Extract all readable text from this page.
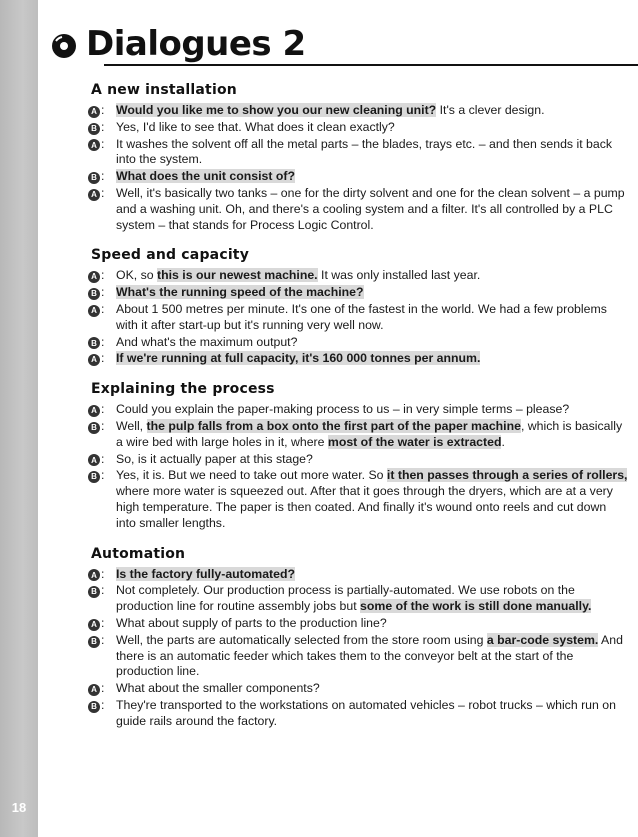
18
Dialogues 2
A new installation
A : Would you like me to show you our new cleaning unit? It's a clever design.
B : Yes, I'd like to see that. What does it clean exactly?
A : It washes the solvent off all the metal parts – the blades, trays etc. – and then sends it back into the system.
B : What does the unit consist of?
A : Well, it's basically two tanks – one for the dirty solvent and one for the clean solvent – a pump and a washing unit. Oh, and there's a cooling system and a filter. It's all controlled by a PLC system – that stands for Process Logic Control.
Speed and capacity
A : OK, so this is our newest machine. It was only installed last year.
B : What's the running speed of the machine?
A : About 1 500 metres per minute. It's one of the fastest in the world. We had a few problems with it after start-up but it's running very well now.
B : And what's the maximum output?
A : If we're running at full capacity, it's 160 000 tonnes per annum.
Explaining the process
A : Could you explain the paper-making process to us – in very simple terms – please?
B : Well, the pulp falls from a box onto the first part of the paper machine, which is basically a wire bed with large holes in it, where most of the water is extracted.
A : So, is it actually paper at this stage?
B : Yes, it is. But we need to take out more water. So it then passes through a series of rollers, where more water is squeezed out. After that it goes through the dryers, which are at a very high temperature. The paper is then coated. And finally it's wound onto reels and cut down into smaller lengths.
Automation
A : Is the factory fully-automated?
B : Not completely. Our production process is partially-automated. We use robots on the production line for routine assembly jobs but some of the work is still done manually.
A : What about supply of parts to the production line?
B : Well, the parts are automatically selected from the store room using a bar-code system. And there is an automatic feeder which takes them to the conveyor belt at the start of the production line.
A : What about the smaller components?
B : They're transported to the workstations on automated vehicles – robot trucks – which run on guide rails around the factory.
